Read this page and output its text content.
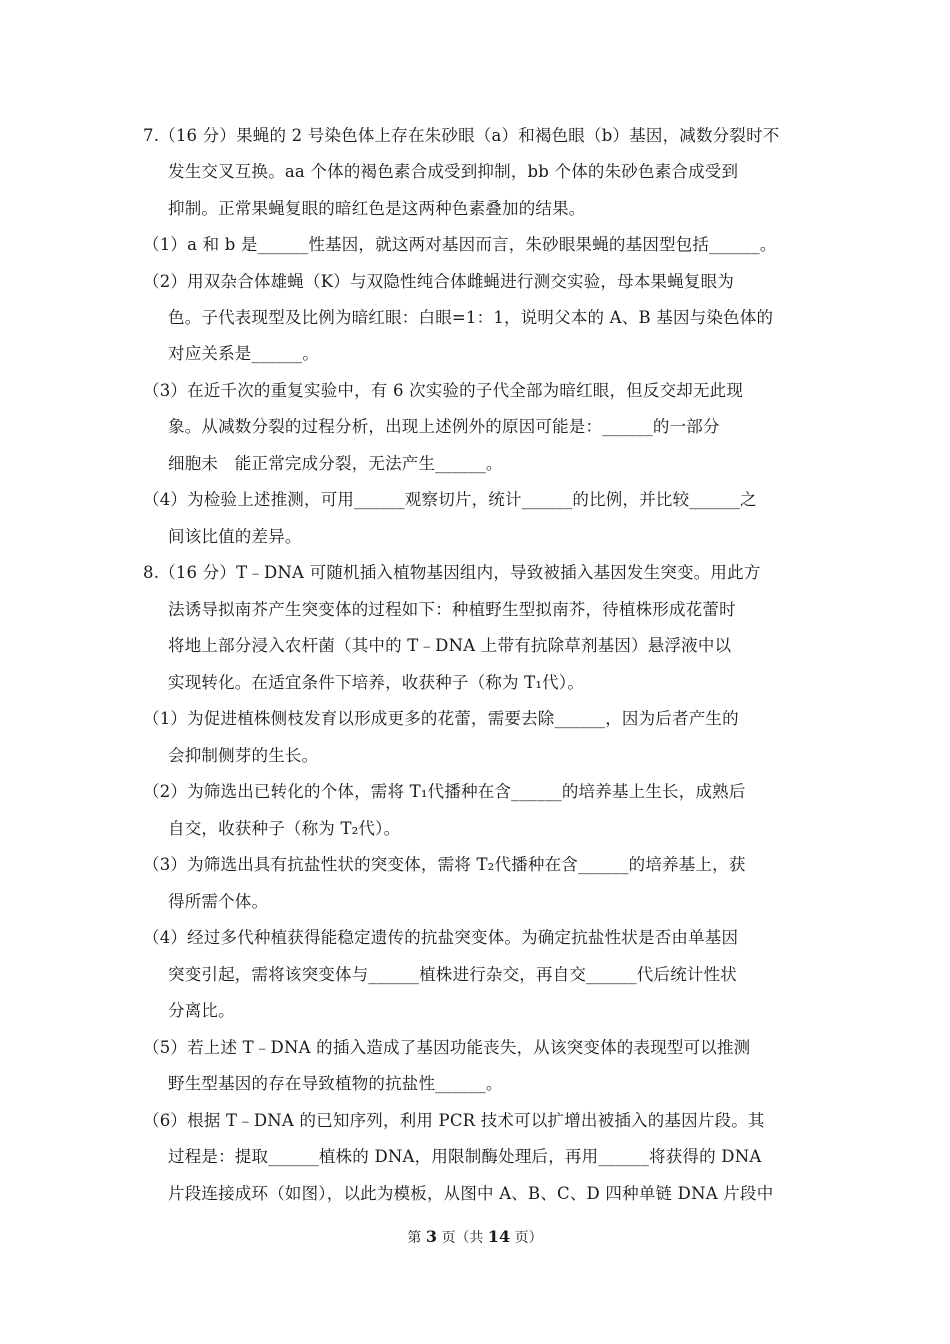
7.（16 分）果蝇的 2 号染色体上存在朱砂眼（a）和褐色眼（b）基因，减数分裂时不
发生交叉互换。aa 个体的褐色素合成受到抑制，bb 个体的朱砂色素合成受到
抑制。正常果蝇复眼的暗红色是这两种色素叠加的结果。
（1）a 和 b 是______性基因，就这两对基因而言，朱砂眼果蝇的基因型包括______。
（2）用双杂合体雄蝇（K）与双隐性纯合体雌蝇进行测交实验，母本果蝇复眼为
色。子代表现型及比例为暗红眼：白眼=1：1，说明父本的 A、B 基因与染色体的
对应关系是______。
（3）在近千次的重复实验中，有 6 次实验的子代全部为暗红眼，但反交却无此现
象。从减数分裂的过程分析，出现上述例外的原因可能是：______的一部分
细胞未　能正常完成分裂，无法产生______。
（4）为检验上述推测，可用______观察切片，统计______的比例，并比较______之
间该比值的差异。
8.（16 分）T﹣DNA 可随机插入植物基因组内，导致被插入基因发生突变。用此方
法诱导拟南芥产生突变体的过程如下：种植野生型拟南芥，待植株形成花蕾时
将地上部分浸入农杆菌（其中的 T﹣DNA 上带有抗除草剂基因）悬浮液中以
实现转化。在适宜条件下培养，收获种子（称为 T₁代）。
（1）为促进植株侧枝发育以形成更多的花蕾，需要去除______，因为后者产生的
会抑制侧芽的生长。
（2）为筛选出已转化的个体，需将 T₁代播种在含______的培养基上生长，成熟后
自交，收获种子（称为 T₂代）。
（3）为筛选出具有抗盐性状的突变体，需将 T₂代播种在含______的培养基上，获
得所需个体。
（4）经过多代种植获得能稳定遗传的抗盐突变体。为确定抗盐性状是否由单基因
突变引起，需将该突变体与______植株进行杂交，再自交______代后统计性状
分离比。
（5）若上述 T﹣DNA 的插入造成了基因功能丧失，从该突变体的表现型可以推测
野生型基因的存在导致植物的抗盐性______。
（6）根据 T﹣DNA 的已知序列，利用 PCR 技术可以扩增出被插入的基因片段。其
过程是：提取______植株的 DNA，用限制酶处理后，再用______将获得的 DNA
片段连接成环（如图），以此为模板，从图中 A、B、C、D 四种单链 DNA 片段中
第 3 页（共 14 页）
